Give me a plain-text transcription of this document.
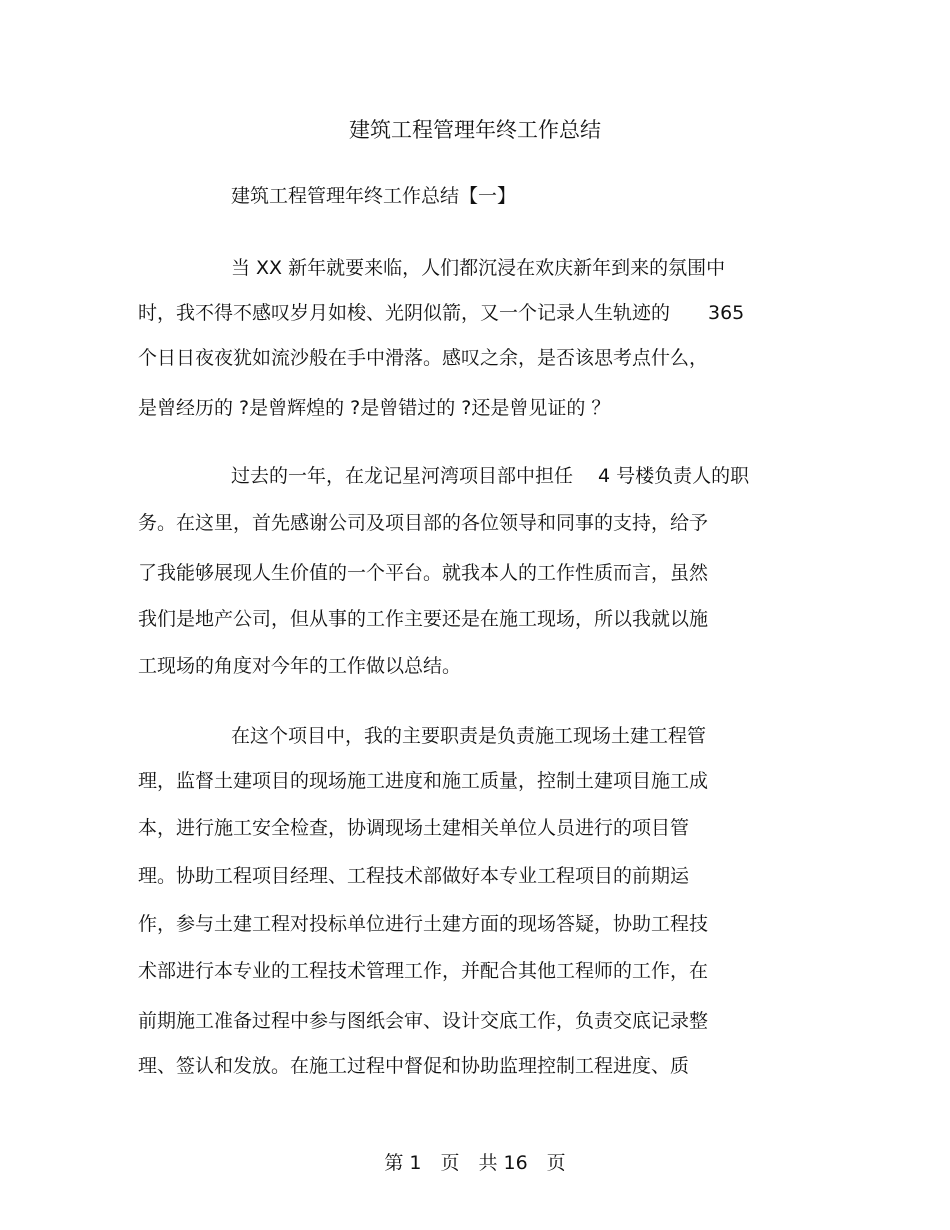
建筑工程管理年终工作总结
建筑工程管理年终工作总结【一】
当 XX 新年就要来临，人们都沉浸在欢庆新年到来的氛围中
时，我不得不感叹岁月如梭、光阴似箭，又一个记录人生轨迹的　　365
个日日夜夜犹如流沙般在手中滑落。感叹之余，是否该思考点什么，
是曾经历的 ?是曾辉煌的 ?是曾错过的 ?还是曾见证的 ？
过去的一年，在龙记星河湾项目部中担任　 4 号楼负责人的职
务。在这里，首先感谢公司及项目部的各位领导和同事的支持，给予
了我能够展现人生价值的一个平台。就我本人的工作性质而言，虽然
我们是地产公司，但从事的工作主要还是在施工现场，所以我就以施
工现场的角度对今年的工作做以总结。
在这个项目中，我的主要职责是负责施工现场土建工程管
理，监督土建项目的现场施工进度和施工质量，控制土建项目施工成
本，进行施工安全检查，协调现场土建相关单位人员进行的项目管
理。协助工程项目经理、工程技术部做好本专业工程项目的前期运
作，参与土建工程对投标单位进行土建方面的现场答疑，协助工程技
术部进行本专业的工程技术管理工作，并配合其他工程师的工作，在
前期施工准备过程中参与图纸会审、设计交底工作，负责交底记录整
理、签认和发放。在施工过程中督促和协助监理控制工程进度、质
第 1　页　共 16　页
